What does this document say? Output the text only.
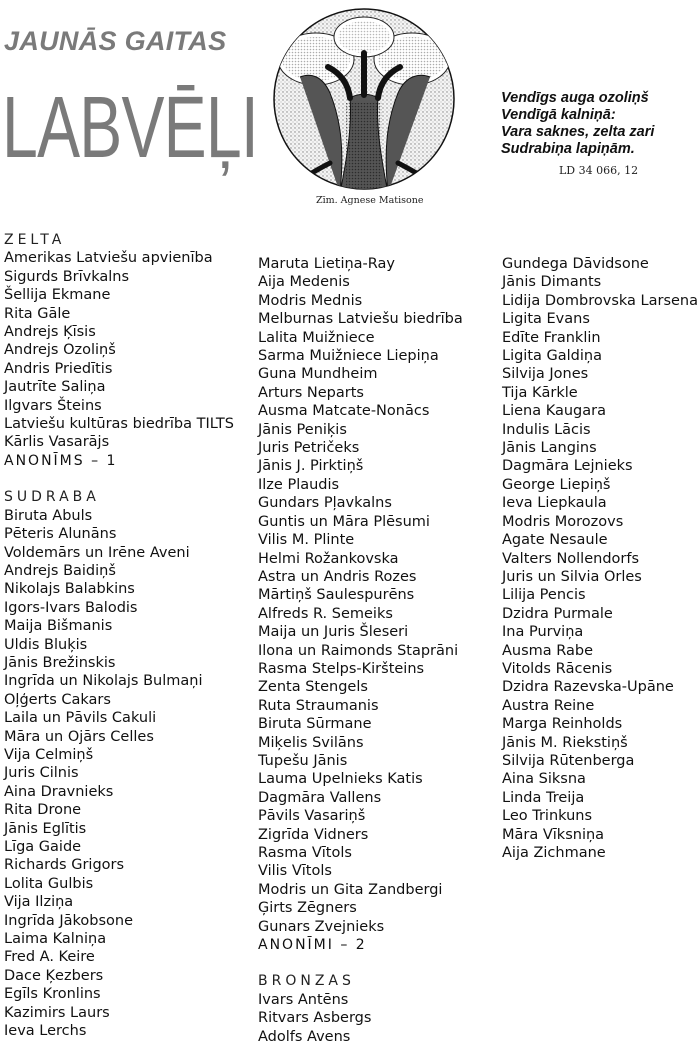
JAUNĀS GAITAS
LABVĒĻI
Zīm. Agnese Matisone
Vendīgs auga ozoliņš
Vendīgā kalniņā:
Vara saknes, zelta zari
Sudrabiņa lapiņām.
LD 34 066, 12
ZELTA
Amerikas Latviešu apvienība
Sigurds Brīvkalns
Šellija Ekmane
Rita Gāle
Andrejs Ķīsis
Andrejs Ozoliņš
Andris Priedītis
Jautrīte Saliņa
Ilgvars Šteins
Latviešu kultūras biedrība TILTS
Kārlis Vasarājs
ANONĪMS – 1
SUDRABA
Biruta Abuls
Pēteris Alunāns
Voldemārs un Irēne Aveni
Andrejs Baidiņš
Nikolajs Balabkins
Igors-Ivars Balodis
Maija Bišmanis
Uldis Bluķis
Jānis Brežinskis
Ingrīda un Nikolajs Bulmaņi
Oļģerts Cakars
Laila un Pāvils Cakuli
Māra un Ojārs Celles
Vija Celmiņš
Juris Cilnis
Aina Dravnieks
Rita Drone
Jānis Eglītis
Līga Gaide
Richards Grigors
Lolita Gulbis
Vija Ilziņa
Ingrīda Jākobsone
Laima Kalniņa
Fred A. Keire
Dace Ķezbers
Egīls Kronlins
Kazimirs Laurs
Ieva Lerchs
Maruta Lietiņa-Ray
Aija Medenis
Modris Mednis
Melburnas Latviešu biedrība
Lalita Muižniece
Sarma Muižniece Liepiņa
Guna Mundheim
Arturs Neparts
Ausma Matcate-Nonācs
Jānis Peniķis
Juris Petričeks
Jānis J. Pirktiņš
Ilze Plaudis
Gundars Pļavkalns
Guntis un Māra Plēsumi
Vilis M. Plinte
Helmi Rožankovska
Astra un Andris Rozes
Mārtiņš Saulespurēns
Alfreds R. Semeiks
Maija un Juris Šleseri
Ilona un Raimonds Staprāni
Rasma Stelps-Kiršteins
Zenta Stengels
Ruta Straumanis
Biruta Sūrmane
Miķelis Svilāns
Tupešu Jānis
Lauma Upelnieks Katis
Dagmāra Vallens
Pāvils Vasariņš
Zigrīda Vidners
Rasma Vītols
Vilis Vītols
Modris un Gita Zandbergi
Ģirts Zēgners
Gunars Zvejnieks
ANONĪMI – 2
BRONZAS
Ivars Antēns
Ritvars Asbergs
Adolfs Avens
Gundega Dāvidsone
Jānis Dimants
Lidija Dombrovska Larsena
Ligita Evans
Edīte Franklin
Ligita Galdiņa
Silvija Jones
Tija Kārkle
Liena Kaugara
Indulis Lācis
Jānis Langins
Dagmāra Lejnieks
George Liepiņš
Ieva Liepkaula
Modris Morozovs
Agate Nesaule
Valters Nollendorfs
Juris un Silvia Orles
Lilija Pencis
Dzidra Purmale
Ina Purviņa
Ausma Rabe
Vitolds Rācenis
Dzidra Razevska-Upāne
Austra Reine
Marga Reinholds
Jānis M. Riekstiņš
Silvija Rūtenberga
Aina Siksna
Linda Treija
Leo Trinkuns
Māra Vīksniņa
Aija Zichmane
